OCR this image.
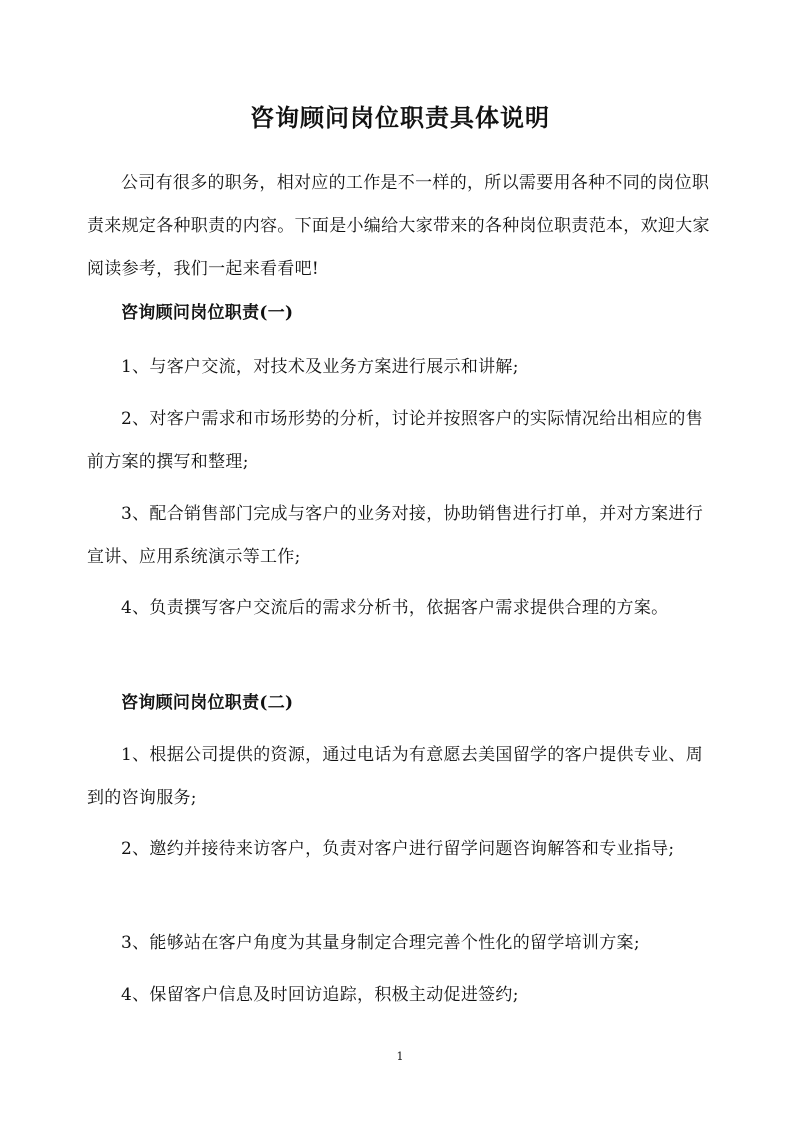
咨询顾问岗位职责具体说明

公司有很多的职务，相对应的工作是不一样的，所以需要用各种不同的岗位职责来规定各种职责的内容。下面是小编给大家带来的各种岗位职责范本，欢迎大家阅读参考，我们一起来看看吧!

咨询顾问岗位职责(一)

1、与客户交流，对技术及业务方案进行展示和讲解;

2、对客户需求和市场形势的分析，讨论并按照客户的实际情况给出相应的售前方案的撰写和整理;

3、配合销售部门完成与客户的业务对接，协助销售进行打单，并对方案进行宣讲、应用系统演示等工作;

4、负责撰写客户交流后的需求分析书，依据客户需求提供合理的方案。

咨询顾问岗位职责(二)

1、根据公司提供的资源，通过电话为有意愿去美国留学的客户提供专业、周到的咨询服务;

2、邀约并接待来访客户，负责对客户进行留学问题咨询解答和专业指导;

3、能够站在客户角度为其量身制定合理完善个性化的留学培训方案;

4、保留客户信息及时回访追踪，积极主动促进签约;

1
